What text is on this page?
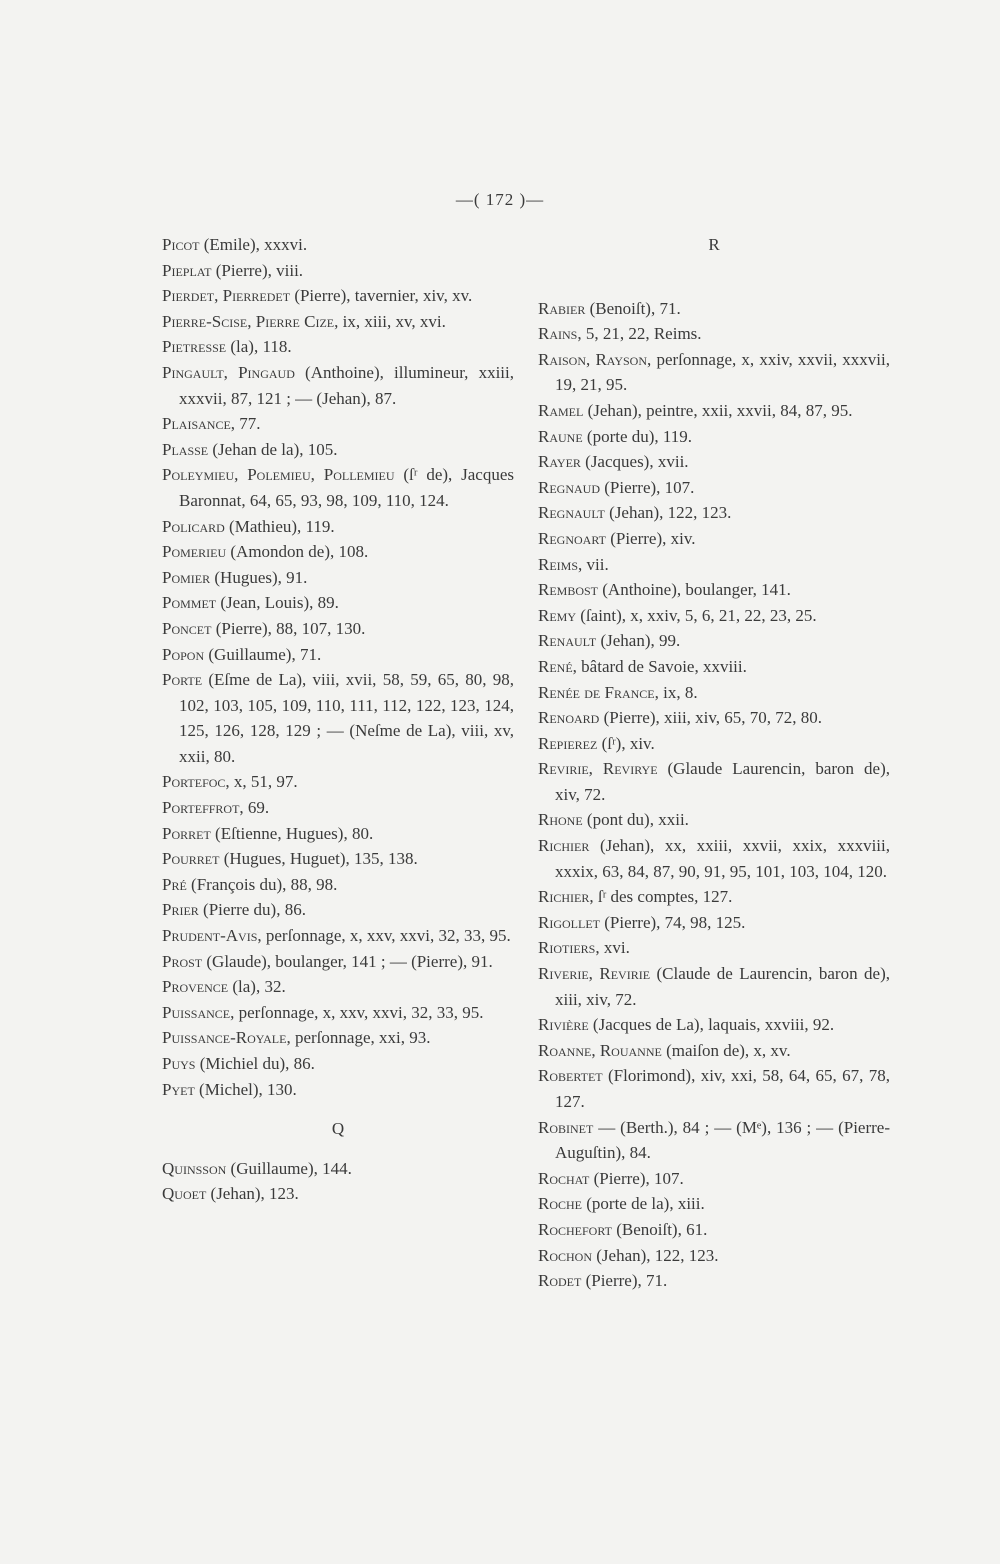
—( 172 )—
Picot (Emile), xxxvi.
Pieplat (Pierre), viii.
Pierdet, Pierredet (Pierre), tavernier, xiv, xv.
Pierre-Scise, Pierre Cize, ix, xiii, xv, xvi.
Pietresse (la), 118.
Pingault, Pingaud (Anthoine), illumineur, xxiii, xxxvii, 87, 121 ; — (Jehan), 87.
Plaisance, 77.
Plasse (Jehan de la), 105.
Poleymieu, Polemieu, Pollemieu (ſʳ de), Jacques Baronnat, 64, 65, 93, 98, 109, 110, 124.
Policard (Mathieu), 119.
Pomerieu (Amondon de), 108.
Pomier (Hugues), 91.
Pommet (Jean, Louis), 89.
Poncet (Pierre), 88, 107, 130.
Popon (Guillaume), 71.
Porte (Eſme de La), viii, xvii, 58, 59, 65, 80, 98, 102, 103, 105, 109, 110, 111, 112, 122, 123, 124, 125, 126, 128, 129 ; — (Neſme de La), viii, xv, xxii, 80.
Portefoc, x, 51, 97.
Porteffrot, 69.
Porret (Eſtienne, Hugues), 80.
Pourret (Hugues, Huguet), 135, 138.
Pré (François du), 88, 98.
Prier (Pierre du), 86.
Prudent-Avis, perſonnage, x, xxv, xxvi, 32, 33, 95.
Prost (Glaude), boulanger, 141 ; — (Pierre), 91.
Provence (la), 32.
Puissance, perſonnage, x, xxv, xxvi, 32, 33, 95.
Puissance-Royale, perſonnage, xxi, 93.
Puys (Michiel du), 86.
Pyet (Michel), 130.
Q
Quinsson (Guillaume), 144.
Quoet (Jehan), 123.
R
Rabier (Benoiſt), 71.
Rains, 5, 21, 22, Reims.
Raison, Rayson, perſonnage, x, xxiv, xxvii, xxxvii, 19, 21, 95.
Ramel (Jehan), peintre, xxii, xxvii, 84, 87, 95.
Raune (porte du), 119.
Rayer (Jacques), xvii.
Regnaud (Pierre), 107.
Regnault (Jehan), 122, 123.
Regnoart (Pierre), xiv.
Reims, vii.
Rembost (Anthoine), boulanger, 141.
Remy (ſaint), x, xxiv, 5, 6, 21, 22, 23, 25.
Renault (Jehan), 99.
René, bâtard de Savoie, xxviii.
Renée de France, ix, 8.
Renoard (Pierre), xiii, xiv, 65, 70, 72, 80.
Repierez (ſʳ), xiv.
Revirie, Revirye (Glaude Laurencin, baron de), xiv, 72.
Rhone (pont du), xxii.
Richier (Jehan), xx, xxiii, xxvii, xxix, xxxviii, xxxix, 63, 84, 87, 90, 91, 95, 101, 103, 104, 120.
Richier, ſʳ des comptes, 127.
Rigollet (Pierre), 74, 98, 125.
Riotiers, xvi.
Riverie, Revirie (Claude de Laurencin, baron de), xiii, xiv, 72.
Rivière (Jacques de La), laquais, xxviii, 92.
Roanne, Rouanne (maiſon de), x, xv.
Robertet (Florimond), xiv, xxi, 58, 64, 65, 67, 78, 127.
Robinet — (Berth.), 84 ; — (Mᵉ), 136 ; — (Pierre-Auguſtin), 84.
Rochat (Pierre), 107.
Roche (porte de la), xiii.
Rochefort (Benoiſt), 61.
Rochon (Jehan), 122, 123.
Rodet (Pierre), 71.
